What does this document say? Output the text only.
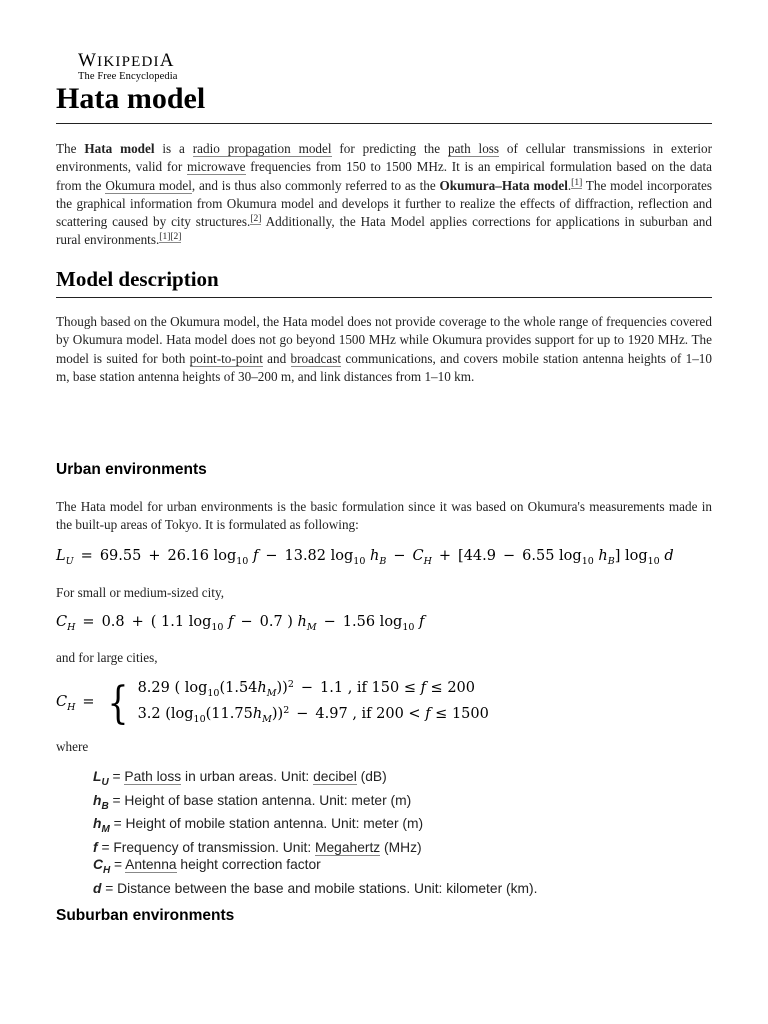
WIKIPEDIA
The Free Encyclopedia
Hata model

The Hata model is a radio propagation model for predicting the path loss of cellular transmissions in exterior environments, valid for microwave frequencies from 150 to 1500 MHz. It is an empirical formulation based on the data from the Okumura model, and is thus also commonly referred to as the Okumura–Hata model.[1] The model incorporates the graphical information from Okumura model and develops it further to realize the effects of diffraction, reflection and scattering caused by city structures.[2] Additionally, the Hata Model applies corrections for applications in suburban and rural environments.[1][2]

Model description

Though based on the Okumura model, the Hata model does not provide coverage to the whole range of frequencies covered by Okumura model. Hata model does not go beyond 1500 MHz while Okumura provides support for up to 1920 MHz. The model is suited for both point-to-point and broadcast communications, and covers mobile station antenna heights of 1–10 m, base station antenna heights of 30–200 m, and link distances from 1–10 km.

Urban environments

The Hata model for urban environments is the basic formulation since it was based on Okumura's measurements made in the built-up areas of Tokyo. It is formulated as following:

$L_U = 69.55 + 26.16$ $\log_{10} f - 13.82$ $\log_{10} h_B - C_H + [44.9 - 6.55$ $\log_{10} h_B$] $\log_{10} d$

For small or medium-sized city,

$C_H = 0.8$ + ( 1.1 $\log_{10} f - 0.7$ ) $h_M - 1.56$ $\log_{10} f$

and for large cities,

$C_H$ = { 8.29 ( $\log_{10}(1.54h_M))^2 - 1.1$ , if 150 ≤ f ≤ 200
3.2 $(\log_{10}(11.75h_M))^2 - 4.97$ , if 200 < f ≤ 1500

where

$L_U$ = Path loss in urban areas. Unit: decibel (dB)
$h_B$ = Height of base station antenna. Unit: meter (m)
$h_M$ = Height of mobile station antenna. Unit: meter (m)
f = Frequency of transmission. Unit: Megahertz (MHz)
$C_H$ = Antenna height correction factor
d = Distance between the base and mobile stations. Unit: kilometer (km).
Suburban environments
